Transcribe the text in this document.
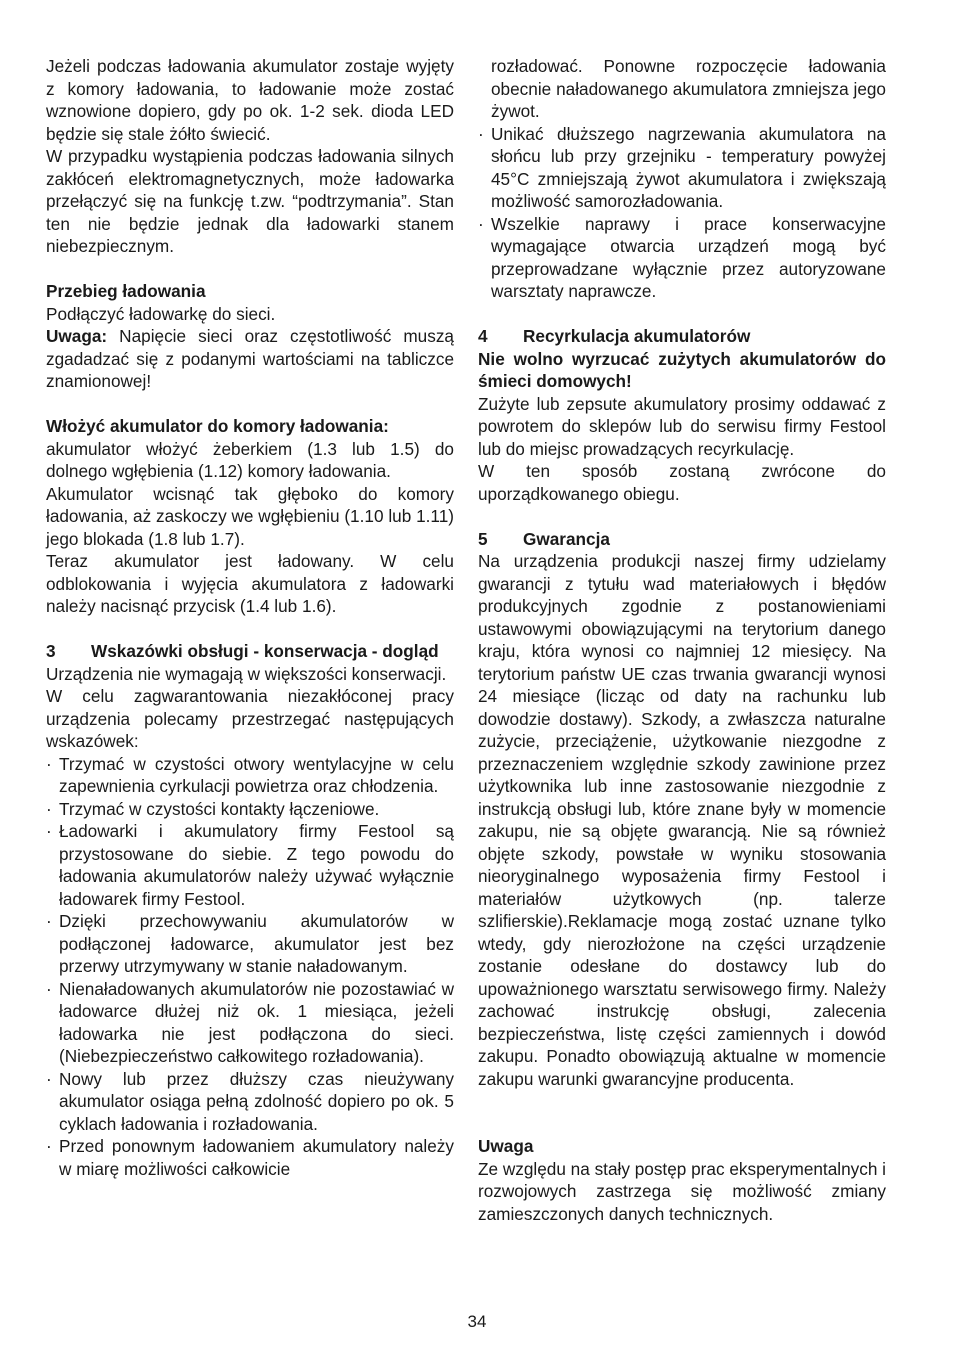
Jeżeli podczas ładowania akumulator zostaje wyjęty z komory ładowania, to ładowanie może zostać wznowione dopiero, gdy po ok. 1-2 sek. dioda LED będzie się stale żółto świecić.

W przypadku wystąpienia podczas ładowania silnych zakłóceń elektromagnetycznych, może ładowarka przełączyć się na funkcję t.zw. “podtrzymania”. Stan ten nie będzie jednak dla ładowarki stanem niebezpiecznym.

Przebieg ładowania

Podłączyć ładowarkę do sieci.

Uwaga: Napięcie sieci oraz częstotliwość muszą zgadadzać się z podanymi wartościami na tabliczce znamionowej!

Włożyć akumulator do komory ładowania:

akumulator włożyć żeberkiem (1.3 lub 1.5) do dolnego wgłębienia (1.12) komory ładowania.

Akumulator wcisnąć tak głęboko do komory ładowania, aż zaskoczy we wgłębieniu (1.10 lub 1.11) jego blokada (1.8 lub 1.7).

Teraz akumulator jest ładowany. W celu odblokowania i wyjęcia akumulatora z ładowarki należy nacisnąć przycisk (1.4 lub 1.6).

3	Wskazówki obsługi - konserwacja - dogląd

Urządzenia nie wymagają w większości konserwacji.

W celu zagwarantowania niezakłóconej pracy urządzenia polecamy przestrzegać następujących wskazówek:

· Trzymać w czystości otwory wentylacyjne w celu zapewnienia cyrkulacji powietrza oraz chłodzenia.
· Trzymać w czystości kontakty łączeniowe.
· Ładowarki i akumulatory firmy Festool są przystosowane do siebie. Z tego powodu do ładowania akumulatorów należy używać wyłącznie ładowarek firmy Festool.
· Dzięki przechowywaniu akumulatorów w podłączonej ładowarce, akumulator jest bez przerwy utrzymywany w stanie naładowanym.
· Nienaładowanych akumulatorów nie pozostawiać w ładowarce dłużej niż ok. 1 miesiąca, jeżeli ładowarka nie jest podłączona do sieci. (Niebezpieczeństwo całkowitego rozładowania).
· Nowy lub przez dłuższy czas nieużywany akumulator osiąga pełną zdolność dopiero po ok. 5 cyklach ładowania i rozładowania.
· Przed ponownym ładowaniem akumulatory należy w miarę możliwości całkowicie

rozładować. Ponowne rozpoczęcie ładowania obecnie naładowanego akumulatora zmniejsza jego żywot.

· Unikać dłuższego nagrzewania akumulatora na słońcu lub przy grzejniku - temperatury powyżej 45°C zmniejszają żywot akumulatora i zwiększają możliwość samorozładowania.
· Wszelkie naprawy i prace konserwacyjne wymagające otwarcia urządzeń mogą być przeprowadzane wyłącznie przez autoryzowane warsztaty naprawcze.
4	Recyrkulacja akumulatorów

Nie wolno wyrzucać zużytych akumulatorów do śmieci domowych!

Zużyte lub zepsute akumulatory prosimy oddawać z powrotem do sklepów lub do serwisu firmy Festool lub do miejsc prowadzących recyrkulację.

W ten sposób zostaną zwrócone do uporządkowanego obiegu.

5	Gwarancja

Na urządzenia produkcji naszej firmy udzielamy gwarancji z tytułu wad materiałowych i błędów produkcyjnych zgodnie z postanowieniami ustawowymi obowiązującymi na terytorium danego kraju, która wynosi co najmniej 12 miesięcy. Na terytorium państw UE czas trwania gwarancji wynosi 24 miesiące (licząc od daty na rachunku lub dowodzie dostawy). Szkody, a zwłaszcza naturalne zużycie, przeciążenie, użytkowanie niezgodne z przeznaczeniem względnie szkody zawinione przez użytkownika lub inne zastosowanie niezgodnie z instrukcją obsługi lub, które znane były w momencie zakupu, nie są objęte gwarancją. Nie są również objęte szkody, powstałe w wyniku stosowania nieoryginalnego wyposażenia firmy Festool i materiałów użytkowych (np. talerze szlifierskie).Reklamacje mogą zostać uznane tylko wtedy, gdy nierozłożone na części urządzenie zostanie odesłane do dostawcy lub do upoważnionego warsztatu serwisowego firmy. Należy zachować instrukcję obsługi, zalecenia bezpieczeństwa, listę części zamiennych i dowód zakupu. Ponadto obowiązują aktualne w momencie zakupu warunki gwarancyjne producenta.

Uwaga

Ze względu na stały postęp prac eksperymentalnych i rozwojowych zastrzega się możliwość zmiany zamieszczonych danych technicznych.

34
